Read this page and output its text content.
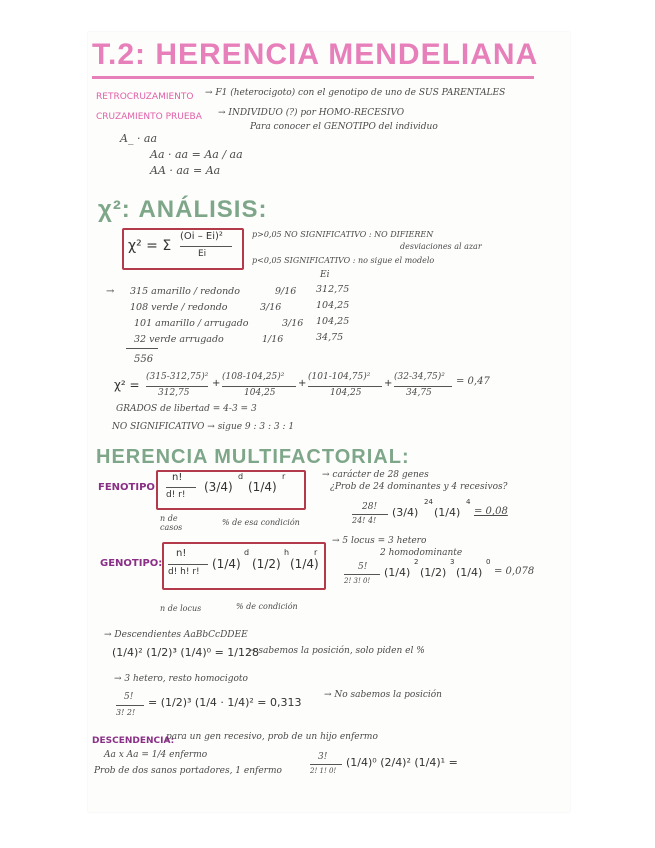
T.2: HERENCIA MENDELIANA
RETROCRUZAMIENTO → F1 (heterocigoto) con el genotipo de uno de SUS PARENTALES
CRUZAMIENTO PRUEBA → INDIVIDUO (?) por HOMO-RECESIVO
Para conocer el GENOTIPO del individuo
A_ · aa
Aa · aa = Aa / aa
AA · aa = Aa
χ²: ANÁLISIS:
χ² = Σ
(Oi – Ei)²
Ei
p>0,05 NO SIGNIFICATIVO : NO DIFIEREN
desviaciones al azar
p<0,05 SIGNIFICATIVO : no sigue el modelo
Ei
→ 315 amarillo / redondo	9/16 312,75
108 verde / redondo	3/16	104,25
101 amarillo / arrugado	3/16 104,25
32 verde arrugado	1/16	34,75
556
χ² =
(315-312,75)²
312,75
+
(108-104,25)²
104,25
+
(101-104,75)²
104,25
+
(32-34,75)²
34,75
= 0,47
GRADOS de libertad = 4-3 = 3
NO SIGNIFICATIVO → sigue 9 : 3 : 3 : 1
HERENCIA MULTIFACTORIAL:
FENOTIPO:
n!
d! r!
(3/4)
d
(1/4)
r
n de casos
% de esa condición
→ carácter de 28 genes
¿Prob de 24 dominantes y 4 recesivos?
28!
24! 4!
(3/4)
24
(1/4)
4
= 0,08
GENOTIPO:
n!
d! h! r!
(1/4)
d
(1/2)
h
(1/4)
r
n de locus	% de condición
→ 5 locus = 3 hetero
2 homodominante
5!
2! 3! 0!
(1/4)
2
(1/2)
3
(1/4)
0
= 0,078
→ Descendientes AaBbCcDDEE
(1/4)² (1/2)³ (1/4)⁰ = 1/128
→ sabemos la posición, solo piden el %
→ 3 hetero, resto homocigoto
5!
3! 2!
= (1/2)³ (1/4 · 1/4)² = 0,313
→ No sabemos la posición
DESCENDENCIA:
para un gen recesivo, prob de un hijo enfermo
Aa x Aa = 1/4 enfermo
Prob de dos sanos portadores, 1 enfermo
3!
2! 1! 0!
(1/4)⁰ (2/4)² (1/4)¹ =
